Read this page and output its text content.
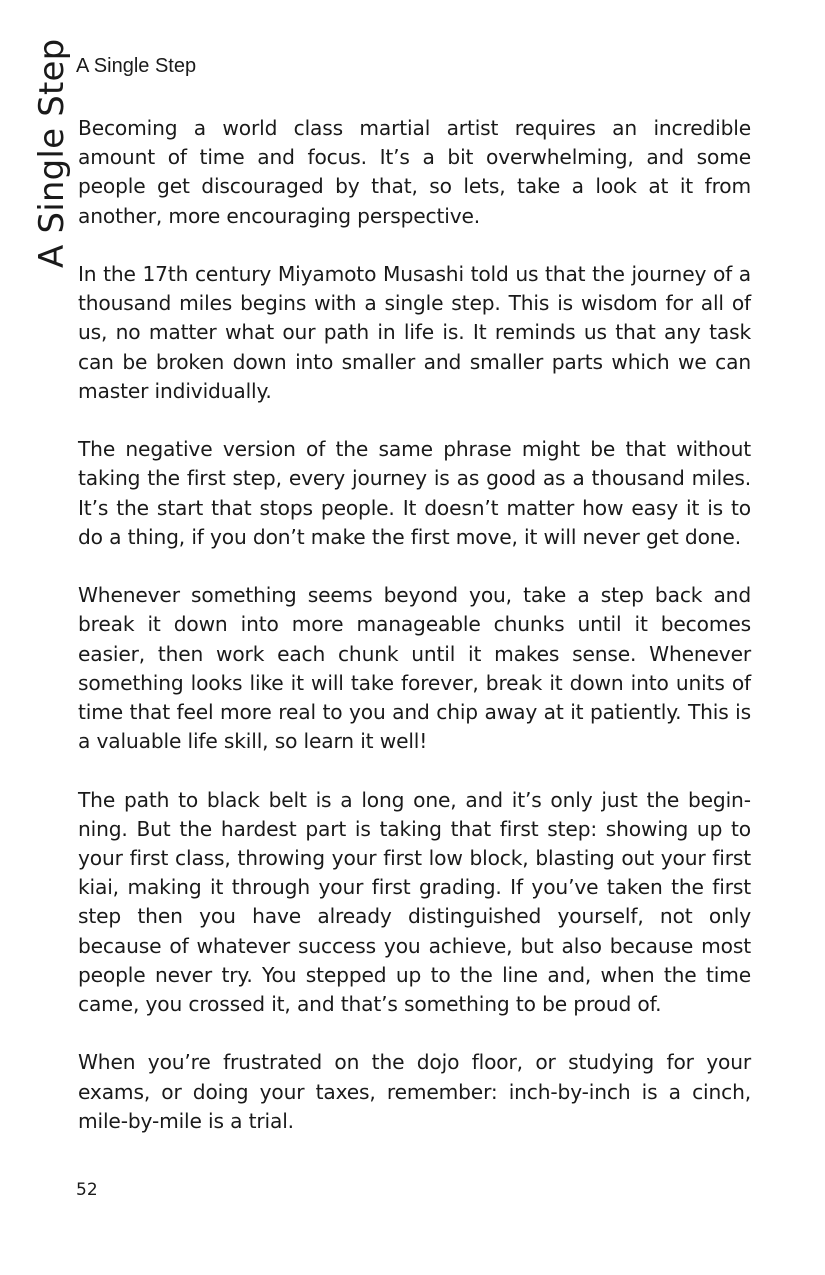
A Single Step A Single Step

Becoming a world class martial artist requires an incredible amount of time and focus. It’s a bit overwhelming, and some people get discouraged by that, so lets, take a look at it from another, more encouraging perspective.

In the 17th century Miyamoto Musashi told us that the journey of a thousand miles begins with a single step. This is wisdom for all of us, no matter what our path in life is. It reminds us that any task can be broken down into smaller and smaller parts which we can master individually.

The negative version of the same phrase might be that without taking the first step, every journey is as good as a thousand miles. It’s the start that stops people. It doesn’t matter how easy it is to do a thing, if you don’t make the first move, it will never get done.

Whenever something seems beyond you, take a step back and break it down into more manageable chunks until it becomes easier, then work each chunk until it makes sense. Whenever something looks like it will take forever, break it down into units of time that feel more real to you and chip away at it patiently. This is a valuable life skill, so learn it well!

The path to black belt is a long one, and it’s only just the beginning. But the hardest part is taking that first step: showing up to your first class, throwing your first low block, blasting out your first kiai, making it through your first grading. If you’ve taken the first step then you have already distinguished yourself, not only because of whatever success you achieve, but also because most people never try. You stepped up to the line and, when the time came, you crossed it, and that’s something to be proud of.

When you’re frustrated on the dojo floor, or studying for your exams, or doing your taxes, remember: inch-by-inch is a cinch, mile-by-mile is a trial.

52
